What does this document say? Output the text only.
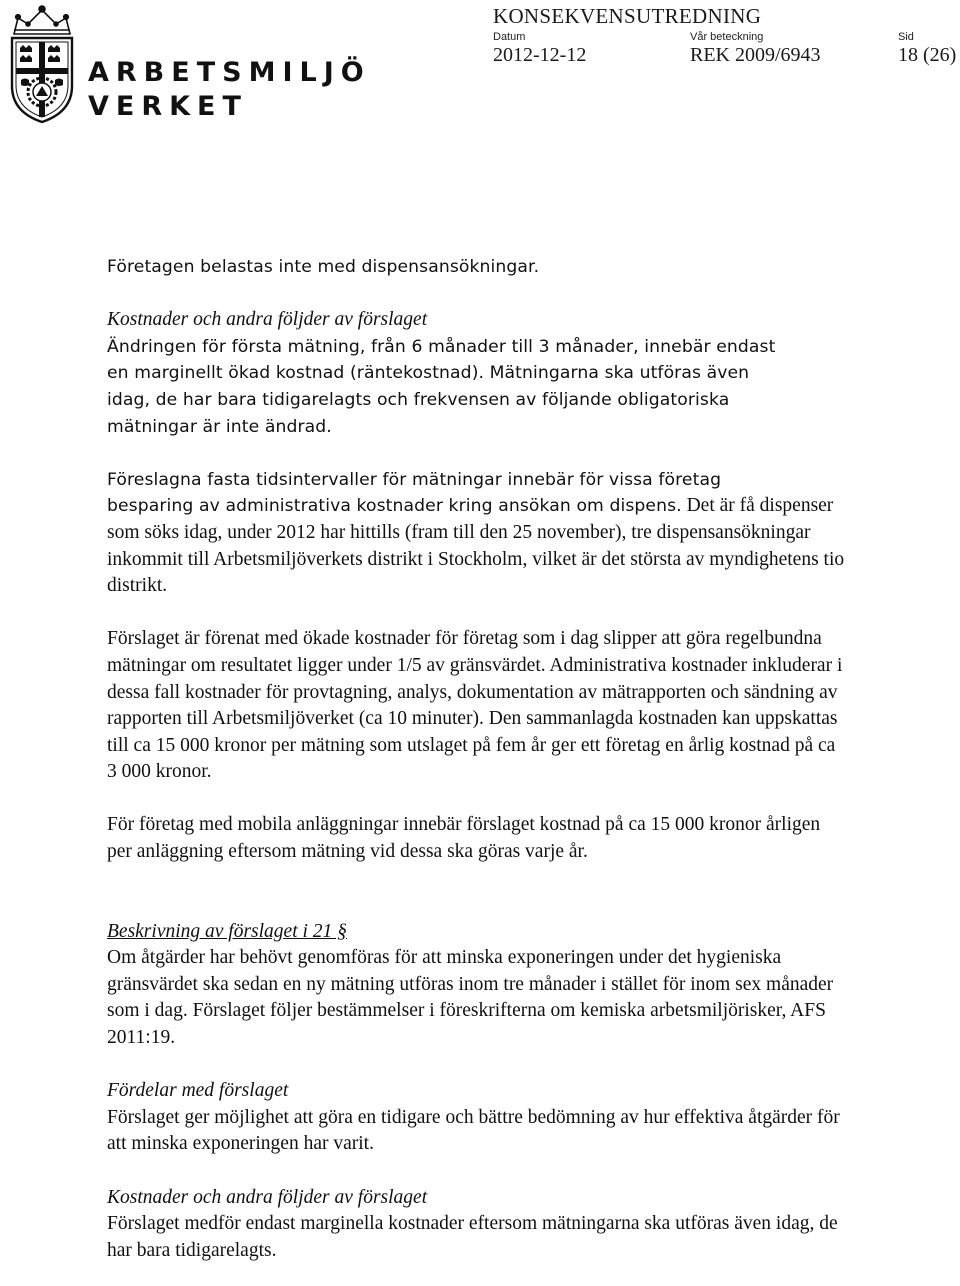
ARBETSMILJÖ
VERKET
KONSEKVENSUTREDNING
Datum	Vår beteckning	Sid
2012-12-12	REK 2009/6943	18 (26)

Företagen belastas inte med dispensansökningar.

Kostnader och andra följder av förslaget

Ändringen för första mätning, från 6 månader till 3 månader, innebär endast

en marginellt ökad kostnad (räntekostnad). Mätningarna ska utföras även

idag, de har bara tidigarelagts och frekvensen av följande obligatoriska

mätningar är inte ändrad.

Föreslagna fasta tidsintervaller för mätningar innebär för vissa företag

besparing av administrativa kostnader kring ansökan om dispens. Det är få dispenser som söks idag, under 2012 har hittills (fram till den 25 november), tre dispensansökningar inkommit till Arbetsmiljöverkets distrikt i Stockholm, vilket är det största av myndighetens tio distrikt.

Förslaget är förenat med ökade kostnader för företag som i dag slipper att göra regelbundna mätningar om resultatet ligger under 1/5 av gränsvärdet. Administrativa kostnader inkluderar i dessa fall kostnader för provtagning, analys, dokumentation av mätrapporten och sändning av rapporten till Arbetsmiljöverket (ca 10 minuter). Den sammanlagda kostnaden kan uppskattas till ca 15 000 kronor per mätning som utslaget på fem år ger ett företag en årlig kostnad på ca 3 000 kronor.

För företag med mobila anläggningar innebär förslaget kostnad på ca 15 000 kronor årligen per anläggning eftersom mätning vid dessa ska göras varje år.

Beskrivning av förslaget i 21 §

Om åtgärder har behövt genomföras för att minska exponeringen under det hygieniska gränsvärdet ska sedan en ny mätning utföras inom tre månader i stället för inom sex månader som i dag. Förslaget följer bestämmelser i föreskrifterna om kemiska arbetsmiljörisker, AFS 2011:19.

Fördelar med förslaget

Förslaget ger möjlighet att göra en tidigare och bättre bedömning av hur effektiva åtgärder för att minska exponeringen har varit.

Kostnader och andra följder av förslaget

Förslaget medför endast marginella kostnader eftersom mätningarna ska utföras även idag, de har bara tidigarelagts.
